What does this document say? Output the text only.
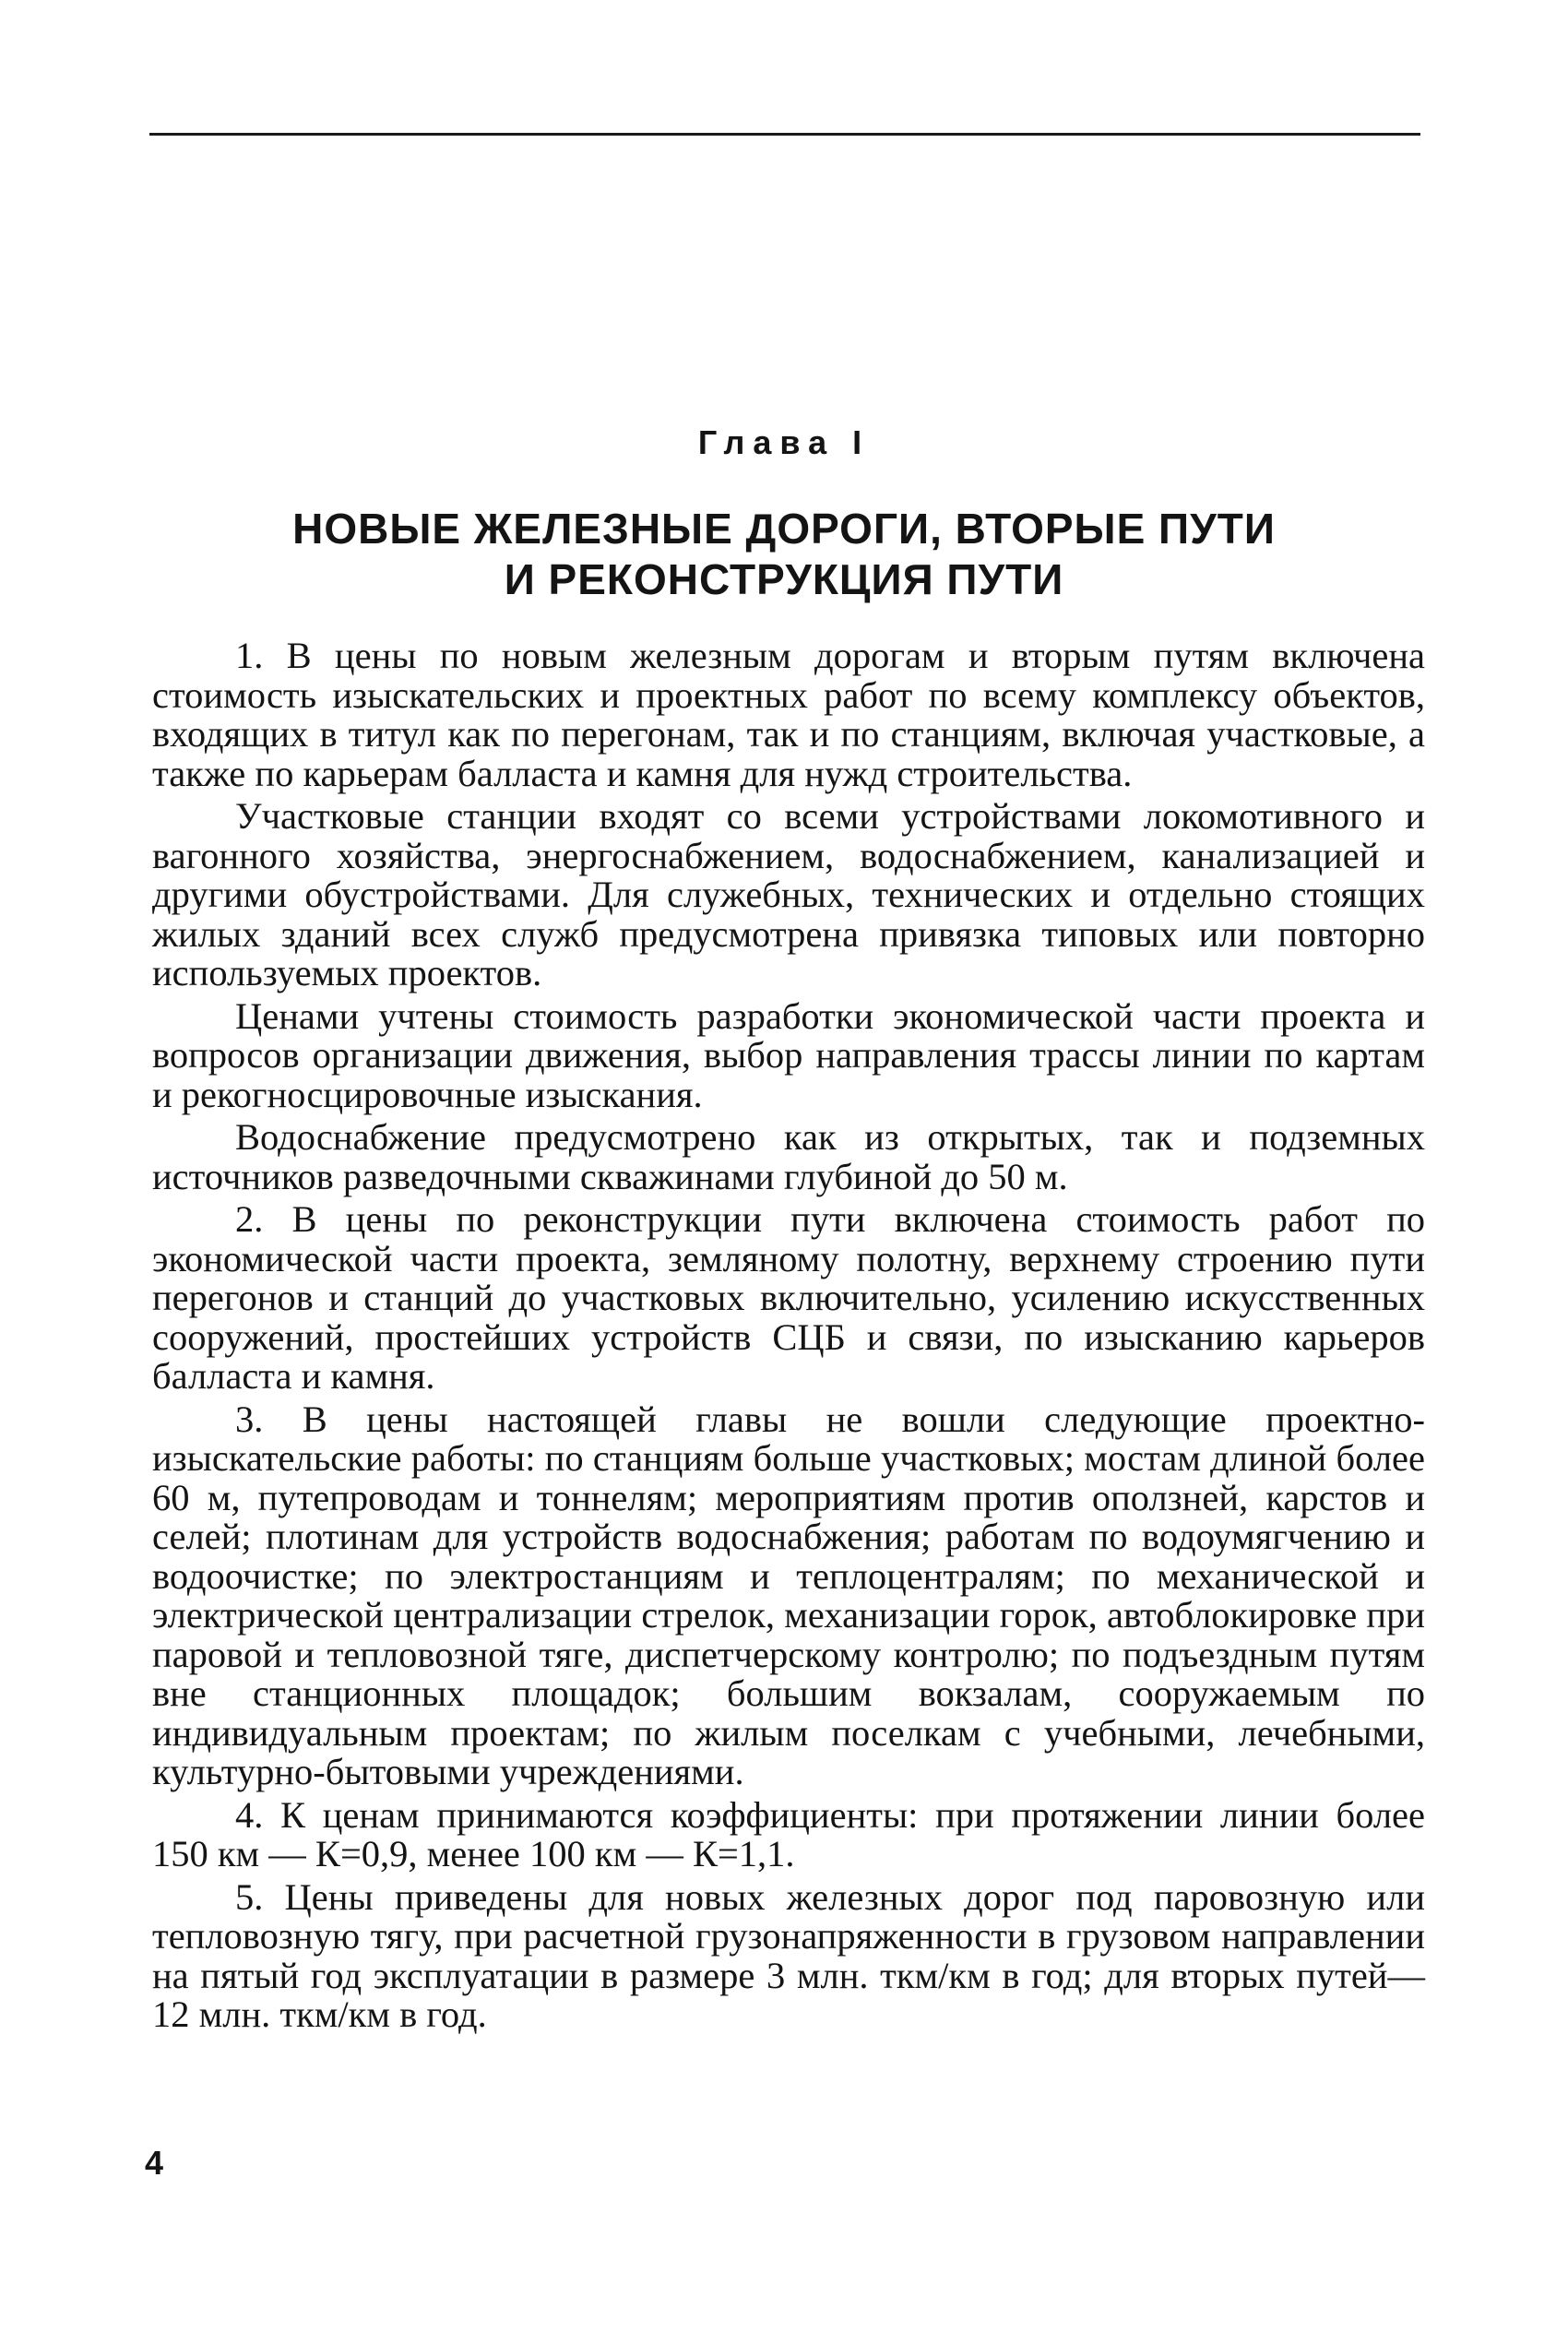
Глава I
НОВЫЕ ЖЕЛЕЗНЫЕ ДОРОГИ, ВТОРЫЕ ПУТИ
И РЕКОНСТРУКЦИЯ ПУТИ

1. В цены по новым железным дорогам и вторым путям включена стоимость изыскательских и проектных работ по всему комплексу объектов, входящих в титул как по перегонам, так и по станциям, включая участковые, а также по карьерам балласта и камня для нужд строительства.

Участковые станции входят со всеми устройствами локомотивного и вагонного хозяйства, энергоснабжением, водоснабжением, канализацией и другими обустройствами. Для служебных, технических и отдельно стоящих жилых зданий всех служб предусмотрена привязка типовых или повторно используемых проектов.

Ценами учтены стоимость разработки экономической части проекта и вопросов организации движения, выбор направления трассы линии по картам и рекогносцировочные изыскания.

Водоснабжение предусмотрено как из открытых, так и подземных источников разведочными скважинами глубиной до 50 м.

2. В цены по реконструкции пути включена стоимость работ по экономической части проекта, земляному полотну, верхнему строению пути перегонов и станций до участковых включительно, усилению искусственных сооружений, простейших устройств СЦБ и связи, по изысканию карьеров балласта и камня.

3. В цены настоящей главы не вошли следующие проектно-изыскательские работы: по станциям больше участковых; мостам длиной более 60 м, путепроводам и тоннелям; мероприятиям против оползней, карстов и селей; плотинам для устройств водоснабжения; работам по водоумягчению и водоочистке; по электростанциям и теплоцентралям; по механической и электрической централизации стрелок, механизации горок, автоблокировке при паровой и тепловозной тяге, диспетчерскому контролю; по подъездным путям вне станционных площадок; большим вокзалам, сооружаемым по индивидуальным проектам; по жилым поселкам с учебными, лечебными, культурно-бытовыми учреждениями.

4. К ценам принимаются коэффициенты: при протяжении линии более 150 км — К=0,9, менее 100 км — К=1,1.

5. Цены приведены для новых железных дорог под паровозную или тепловозную тягу, при расчетной грузонапряженности в грузовом направлении на пятый год эксплуатации в размере 3 млн. ткм/км в год; для вторых путей—12 млн. ткм/км в год.

4
